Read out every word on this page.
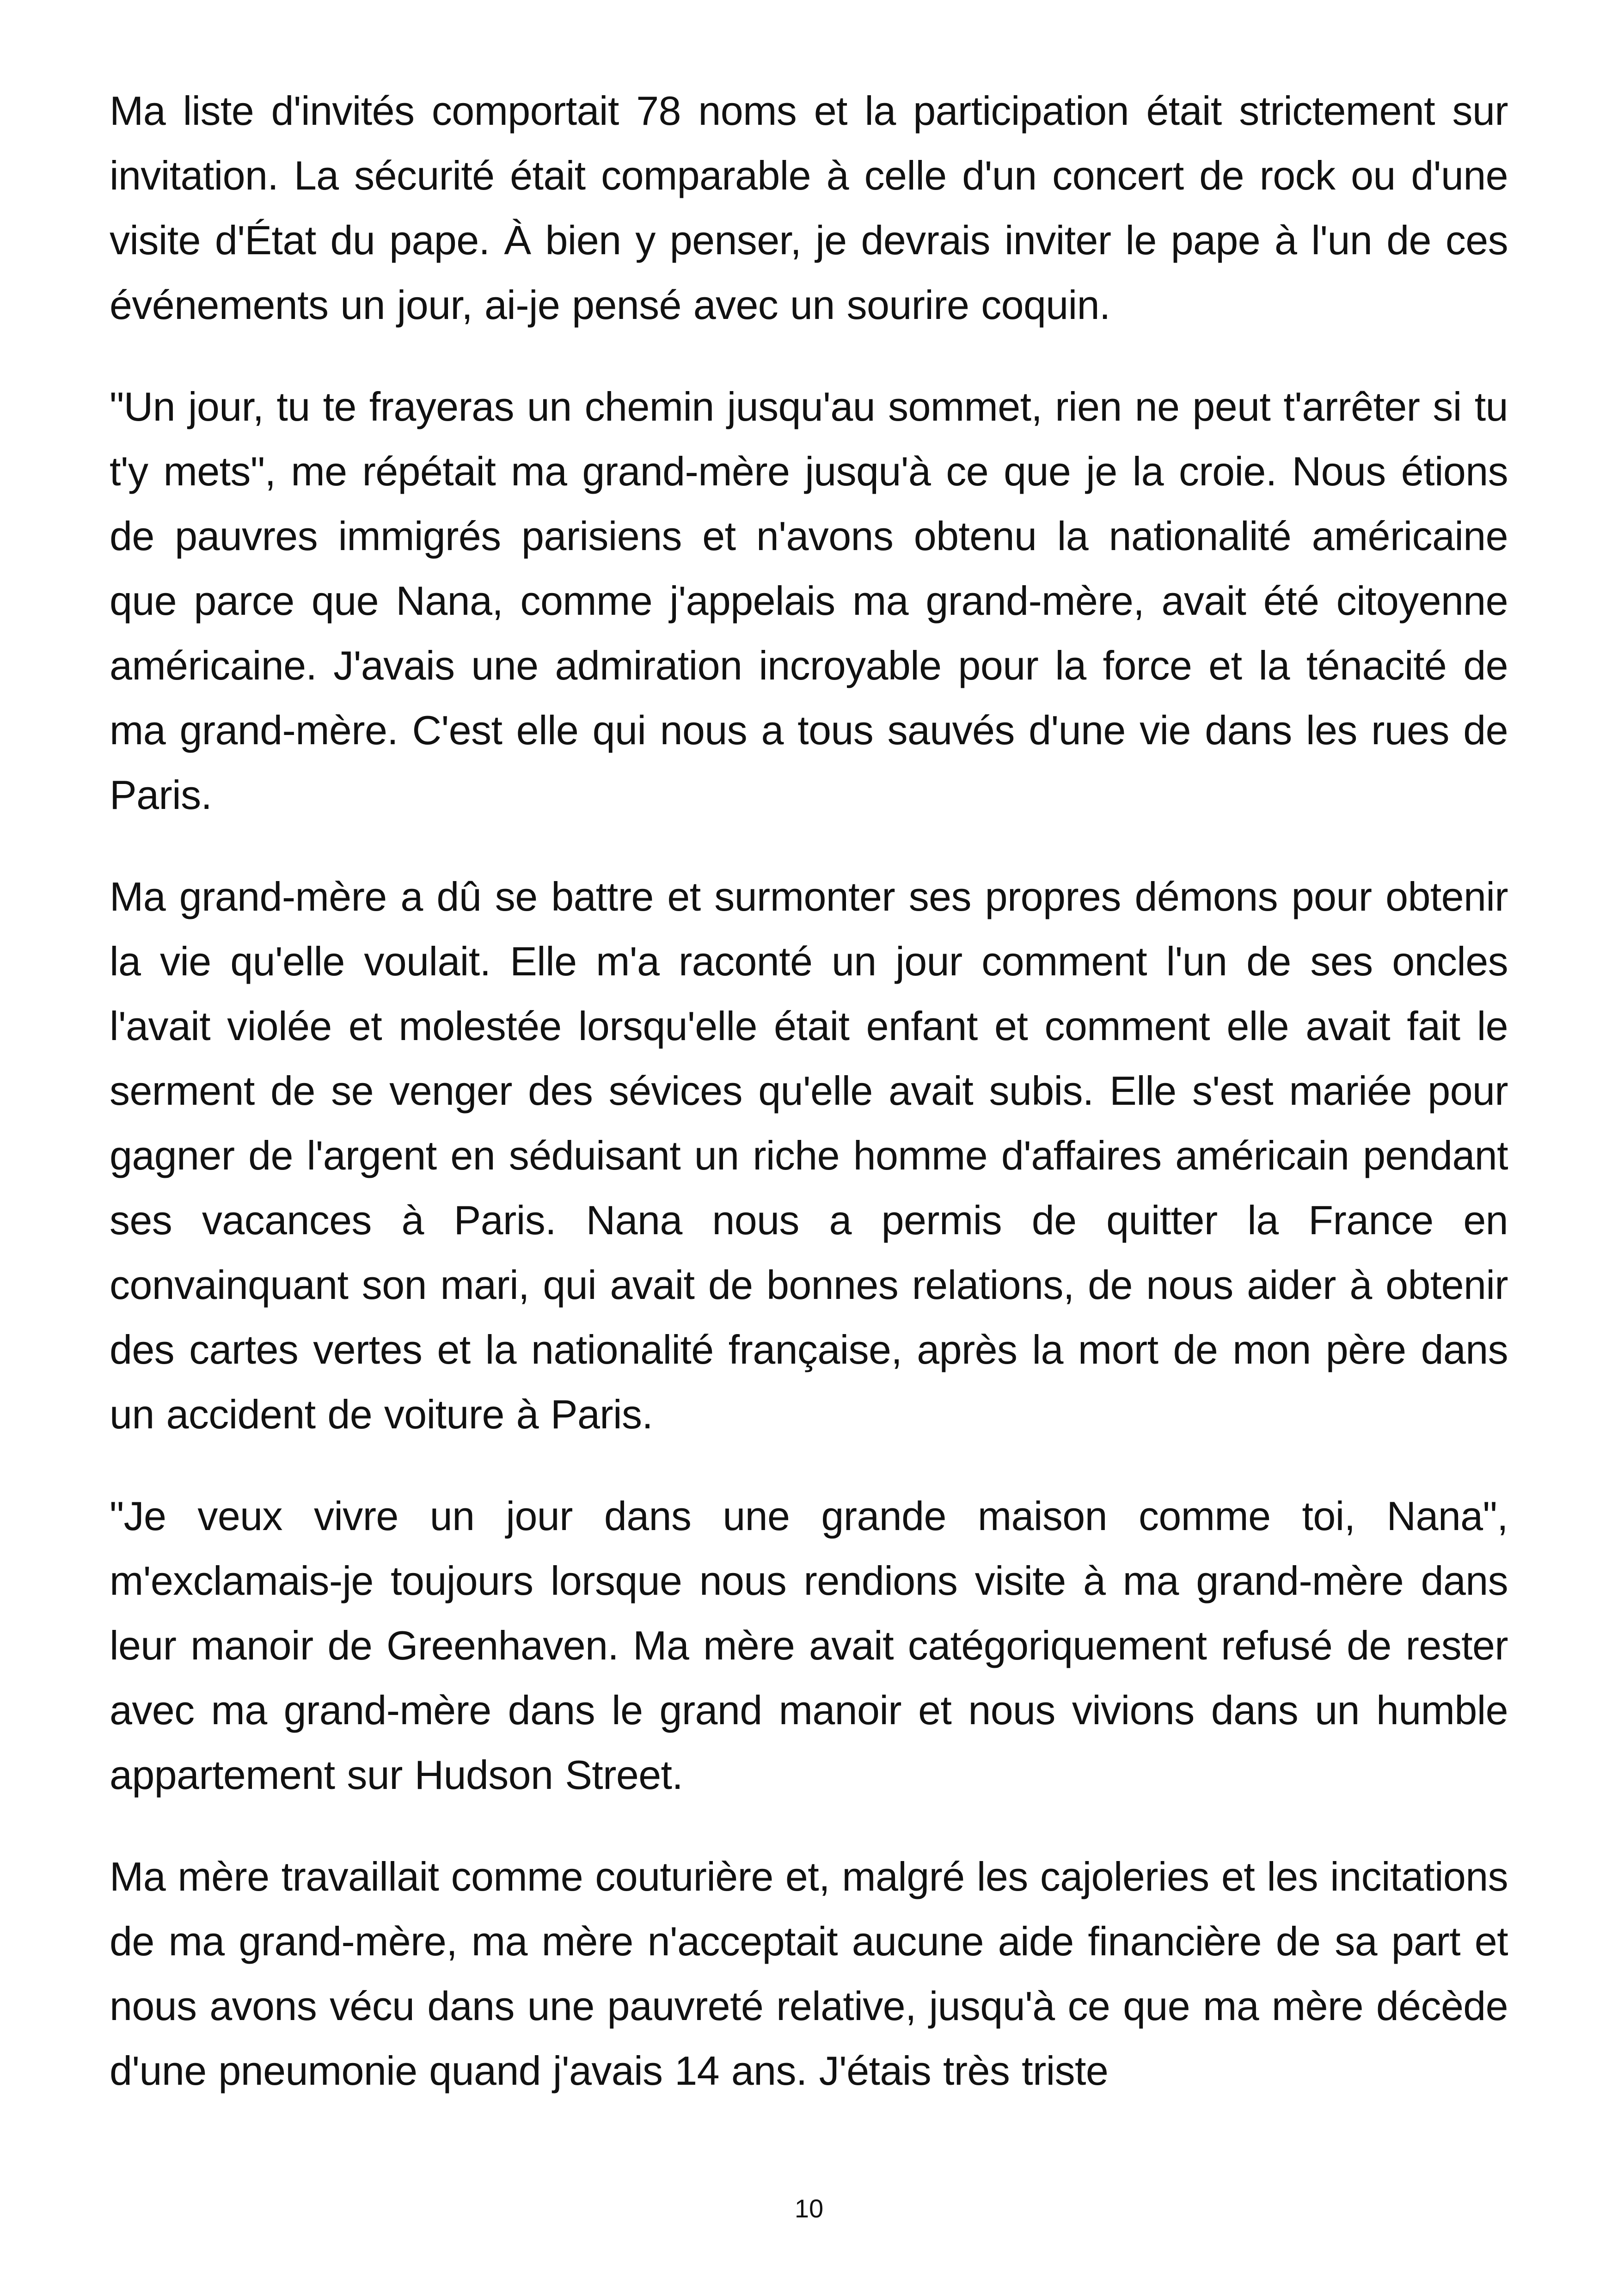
Ma liste d'invités comportait 78 noms et la participation était strictement sur invitation. La sécurité était comparable à celle d'un concert de rock ou d'une visite d'État du pape. À bien y penser, je devrais inviter le pape à l'un de ces événements un jour, ai-je pensé avec un sourire coquin.

"Un jour, tu te frayeras un chemin jusqu'au sommet, rien ne peut t'arrêter si tu t'y mets", me répétait ma grand-mère jusqu'à ce que je la croie. Nous étions de pauvres immigrés parisiens et n'avons obtenu la nationalité américaine que parce que Nana, comme j'appelais ma grand-mère, avait été citoyenne américaine. J'avais une admiration incroyable pour la force et la ténacité de ma grand-mère. C'est elle qui nous a tous sauvés d'une vie dans les rues de Paris.

Ma grand-mère a dû se battre et surmonter ses propres démons pour obtenir la vie qu'elle voulait. Elle m'a raconté un jour comment l'un de ses oncles l'avait violée et molestée lorsqu'elle était enfant et comment elle avait fait le serment de se venger des sévices qu'elle avait subis. Elle s'est mariée pour gagner de l'argent en séduisant un riche homme d'affaires américain pendant ses vacances à Paris. Nana nous a permis de quitter la France en convainquant son mari, qui avait de bonnes relations, de nous aider à obtenir des cartes vertes et la nationalité française, après la mort de mon père dans un accident de voiture à Paris.

"Je veux vivre un jour dans une grande maison comme toi, Nana", m'exclamais-je toujours lorsque nous rendions visite à ma grand-mère dans leur manoir de Greenhaven. Ma mère avait catégoriquement refusé de rester avec ma grand-mère dans le grand manoir et nous vivions dans un humble appartement sur Hudson Street.

Ma mère travaillait comme couturière et, malgré les cajoleries et les incitations de ma grand-mère, ma mère n'acceptait aucune aide financière de sa part et nous avons vécu dans une pauvreté relative, jusqu'à ce que ma mère décède d'une pneumonie quand j'avais 14 ans. J'étais très triste

10
